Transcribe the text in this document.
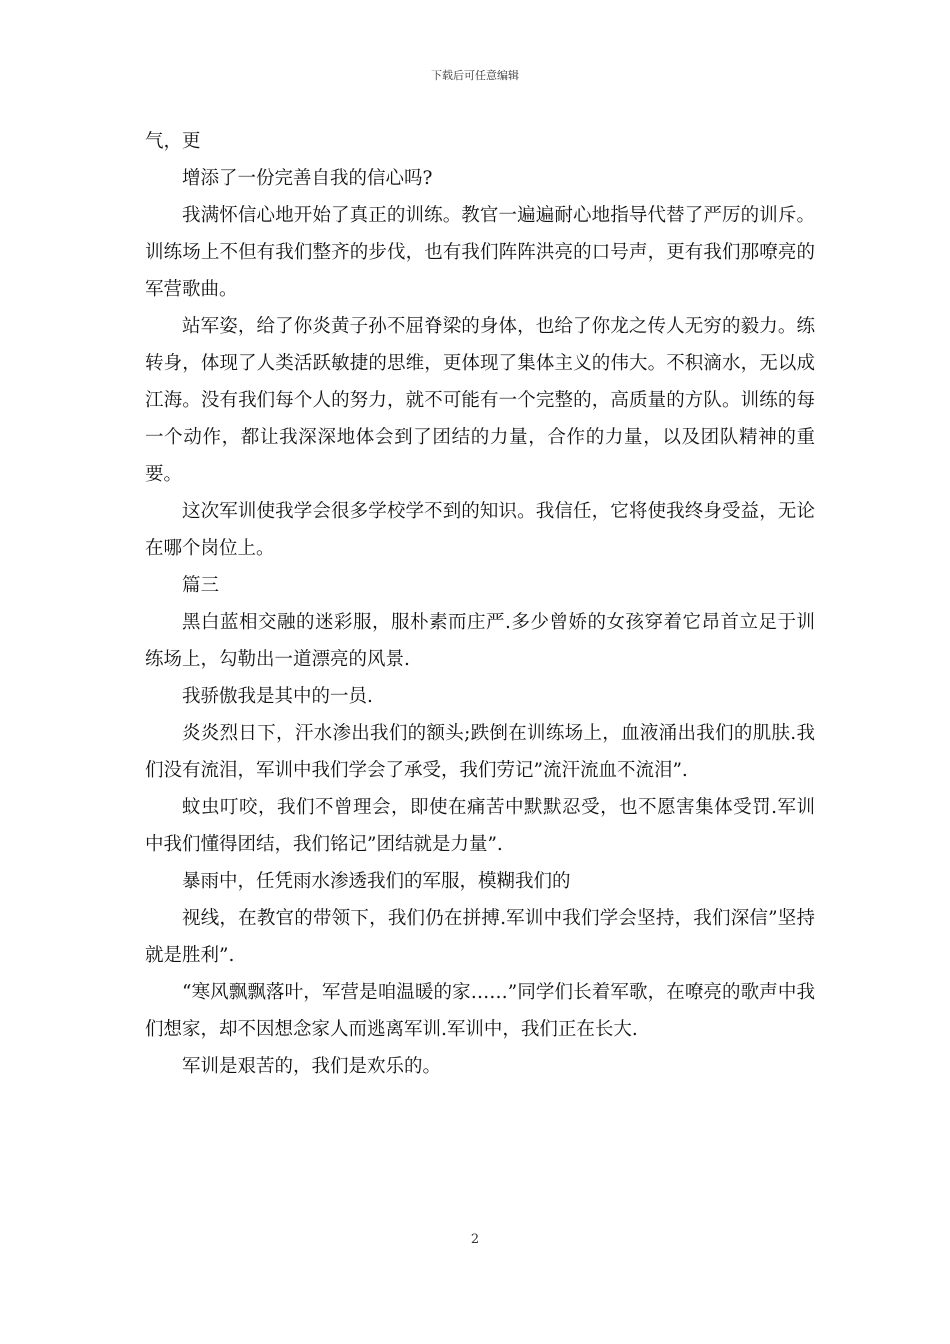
下载后可任意编辑

气，更

增添了一份完善自我的信心吗?

我满怀信心地开始了真正的训练。教官一遍遍耐心地指导代替了严厉的训斥。训练场上不但有我们整齐的步伐，也有我们阵阵洪亮的口号声，更有我们那嘹亮的军营歌曲。

站军姿，给了你炎黄子孙不屈脊梁的身体，也给了你龙之传人无穷的毅力。练转身，体现了人类活跃敏捷的思维，更体现了集体主义的伟大。不积滴水，无以成江海。没有我们每个人的努力，就不可能有一个完整的，高质量的方队。训练的每一个动作，都让我深深地体会到了团结的力量，合作的力量，以及团队精神的重要。

这次军训使我学会很多学校学不到的知识。我信任，它将使我终身受益，无论在哪个岗位上。

篇三

黑白蓝相交融的迷彩服，服朴素而庄严.多少曾娇的女孩穿着它昂首立足于训练场上，勾勒出一道漂亮的风景.

我骄傲我是其中的一员.

炎炎烈日下，汗水渗出我们的额头;跌倒在训练场上，血液涌出我们的肌肤.我们没有流泪，军训中我们学会了承受，我们劳记”流汗流血不流泪”.

蚊虫叮咬，我们不曾理会，即使在痛苦中默默忍受，也不愿害集体受罚.军训中我们懂得团结，我们铭记”团结就是力量”.

暴雨中，任凭雨水渗透我们的军服，模糊我们的

视线，在教官的带领下，我们仍在拼搏.军训中我们学会坚持，我们深信”坚持就是胜利”.

“寒风飘飘落叶，军营是咱温暖的家……”同学们长着军歌，在嘹亮的歌声中我们想家，却不因想念家人而逃离军训.军训中，我们正在长大.

军训是艰苦的，我们是欢乐的。

2
